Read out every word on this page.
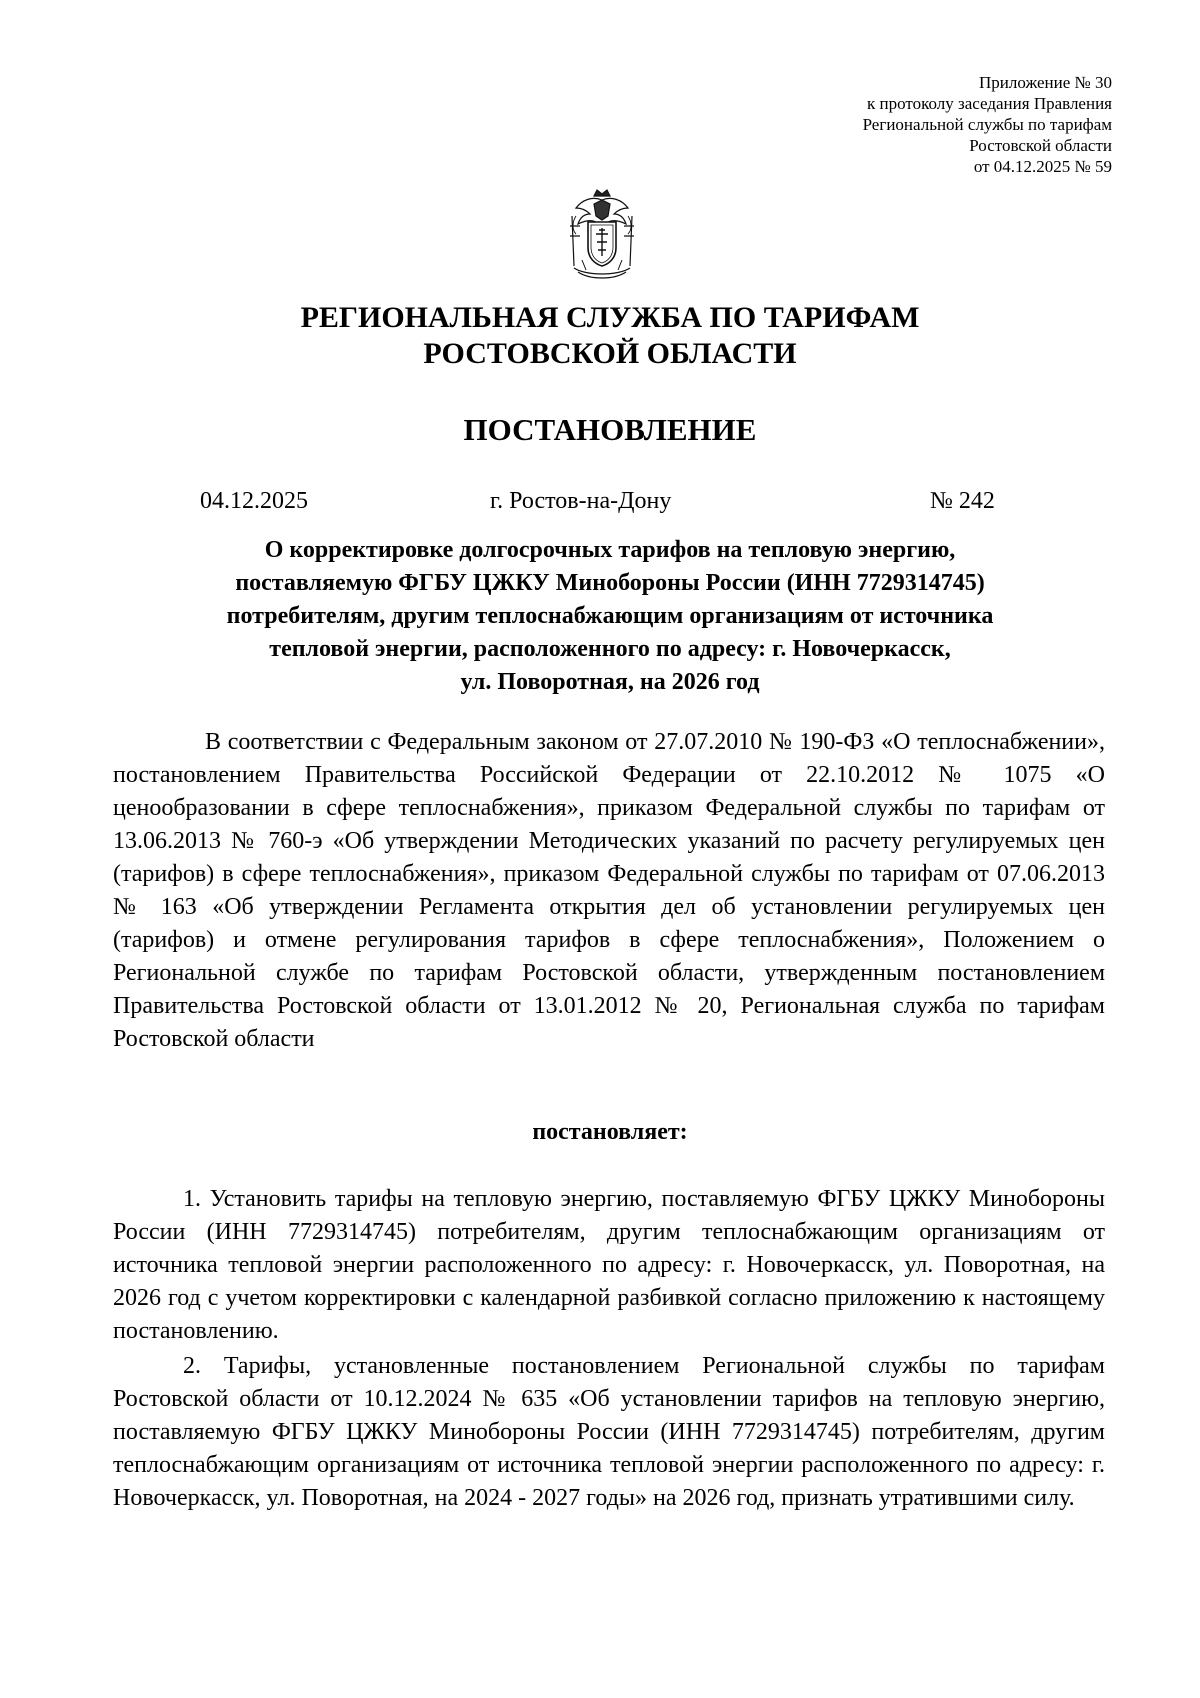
Приложение № 30
к протоколу заседания Правления
Региональной службы по тарифам
Ростовской области
от 04.12.2025 № 59
РЕГИОНАЛЬНАЯ СЛУЖБА ПО ТАРИФАМ
РОСТОВСКОЙ ОБЛАСТИ
ПОСТАНОВЛЕНИЕ
04.12.2025	г. Ростов-на-Дону	№ 242
О корректировке долгосрочных тарифов на тепловую энергию,
поставляемую ФГБУ ЦЖКУ Минобороны России (ИНН 7729314745)
потребителям, другим теплоснабжающим организациям от источника
тепловой энергии, расположенного по адресу: г. Новочеркасск,
ул. Поворотная, на 2026 год
В соответствии с Федеральным законом от 27.07.2010 № 190-ФЗ «О теплоснабжении», постановлением Правительства Российской Федерации от 22.10.2012 № 1075 «О ценообразовании в сфере теплоснабжения», приказом Федеральной службы по тарифам от 13.06.2013 № 760-э «Об утверждении Методических указаний по расчету регулируемых цен (тарифов) в сфере теплоснабжения», приказом Федеральной службы по тарифам от 07.06.2013 № 163 «Об утверждении Регламента открытия дел об установлении регулируемых цен (тарифов) и отмене регулирования тарифов в сфере теплоснабжения», Положением о Региональной службе по тарифам Ростовской области, утвержденным постановлением Правительства Ростовской области от 13.01.2012 № 20, Региональная служба по тарифам Ростовской области
постановляет:
1. Установить тарифы на тепловую энергию, поставляемую ФГБУ ЦЖКУ Минобороны России (ИНН 7729314745) потребителям, другим теплоснабжающим организациям от источника тепловой энергии расположенного по адресу: г. Новочеркасск, ул. Поворотная, на 2026 год с учетом корректировки с календарной разбивкой согласно приложению к настоящему постановлению.
2. Тарифы, установленные постановлением Региональной службы по тарифам Ростовской области от 10.12.2024 № 635 «Об установлении тарифов на тепловую энергию, поставляемую ФГБУ ЦЖКУ Минобороны России (ИНН 7729314745) потребителям, другим теплоснабжающим организациям от источника тепловой энергии расположенного по адресу: г. Новочеркасск, ул. Поворотная, на 2024 - 2027 годы» на 2026 год, признать утратившими силу.
